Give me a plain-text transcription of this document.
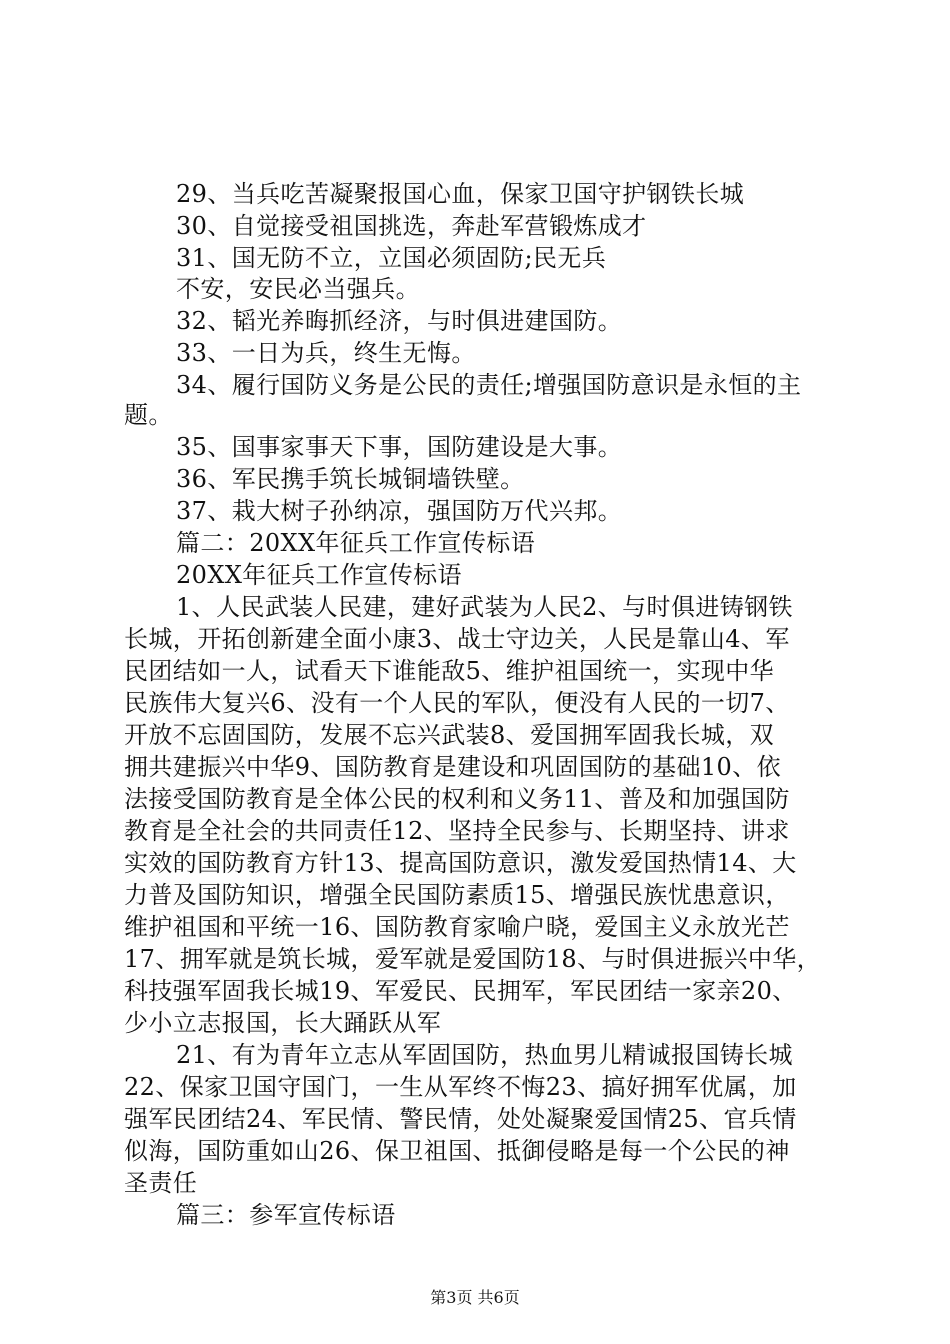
29、当兵吃苦凝聚报国心血，保家卫国守护钢铁长城
30、自觉接受祖国挑选，奔赴军营锻炼成才
31、国无防不立，立国必须固防;民无兵
不安，安民必当强兵。
32、韬光养晦抓经济，与时俱进建国防。
33、一日为兵，终生无悔。
34、履行国防义务是公民的责任;增强国防意识是永恒的主
题。
35、国事家事天下事，国防建设是大事。
36、军民携手筑长城铜墙铁壁。
37、栽大树子孙纳凉，强国防万代兴邦。
篇二：20XX年征兵工作宣传标语
20XX年征兵工作宣传标语
1、人民武装人民建，建好武装为人民2、与时俱进铸钢铁
长城，开拓创新建全面小康3、战士守边关，人民是靠山4、军
民团结如一人，试看天下谁能敌5、维护祖国统一，实现中华
民族伟大复兴6、没有一个人民的军队，便没有人民的一切7、
开放不忘固国防，发展不忘兴武装8、爱国拥军固我长城，双
拥共建振兴中华9、国防教育是建设和巩固国防的基础10、依
法接受国防教育是全体公民的权利和义务11、普及和加强国防
教育是全社会的共同责任12、坚持全民参与、长期坚持、讲求
实效的国防教育方针13、提高国防意识，激发爱国热情14、大
力普及国防知识，增强全民国防素质15、增强民族忧患意识，
维护祖国和平统一16、国防教育家喻户晓，爱国主义永放光芒
17、拥军就是筑长城，爱军就是爱国防18、与时俱进振兴中华，
科技强军固我长城19、军爱民、民拥军，军民团结一家亲20、
少小立志报国，长大踊跃从军
21、有为青年立志从军固国防，热血男儿精诚报国铸长城
22、保家卫国守国门，一生从军终不悔23、搞好拥军优属，加
强军民团结24、军民情、警民情，处处凝聚爱国情25、官兵情
似海，国防重如山26、保卫祖国、抵御侵略是每一个公民的神
圣责任
篇三：参军宣传标语
第3页 共6页
